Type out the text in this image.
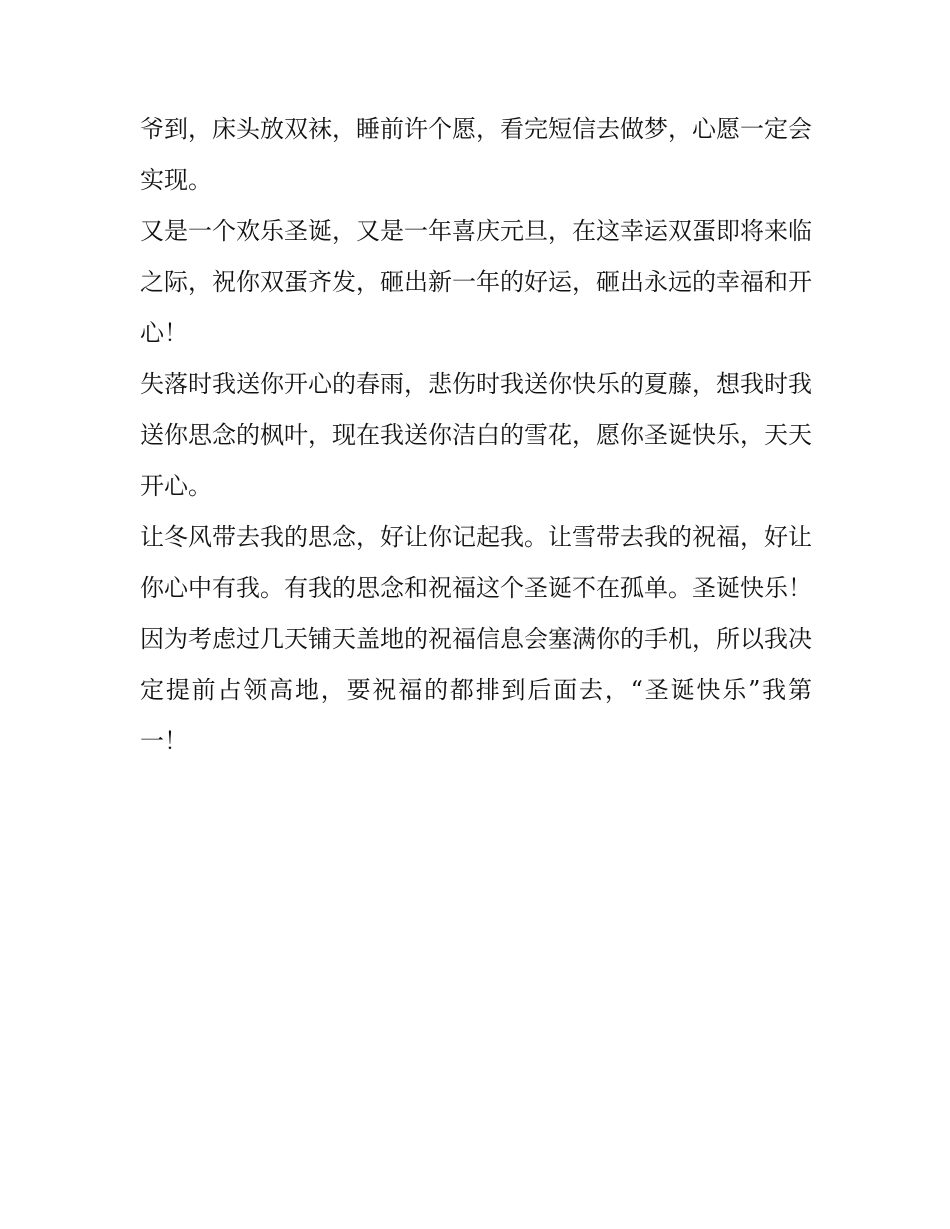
爷到，床头放双袜，睡前许个愿，看完短信去做梦，心愿一定会实现。

又是一个欢乐圣诞，又是一年喜庆元旦，在这幸运双蛋即将来临之际，祝你双蛋齐发，砸出新一年的好运，砸出永远的幸福和开心！

失落时我送你开心的春雨，悲伤时我送你快乐的夏藤，想我时我送你思念的枫叶，现在我送你洁白的雪花，愿你圣诞快乐，天天开心。

让冬风带去我的思念，好让你记起我。让雪带去我的祝福，好让你心中有我。有我的思念和祝福这个圣诞不在孤单。圣诞快乐！

因为考虑过几天铺天盖地的祝福信息会塞满你的手机，所以我决定提前占领高地，要祝福的都排到后面去，“圣诞快乐”我第一！
